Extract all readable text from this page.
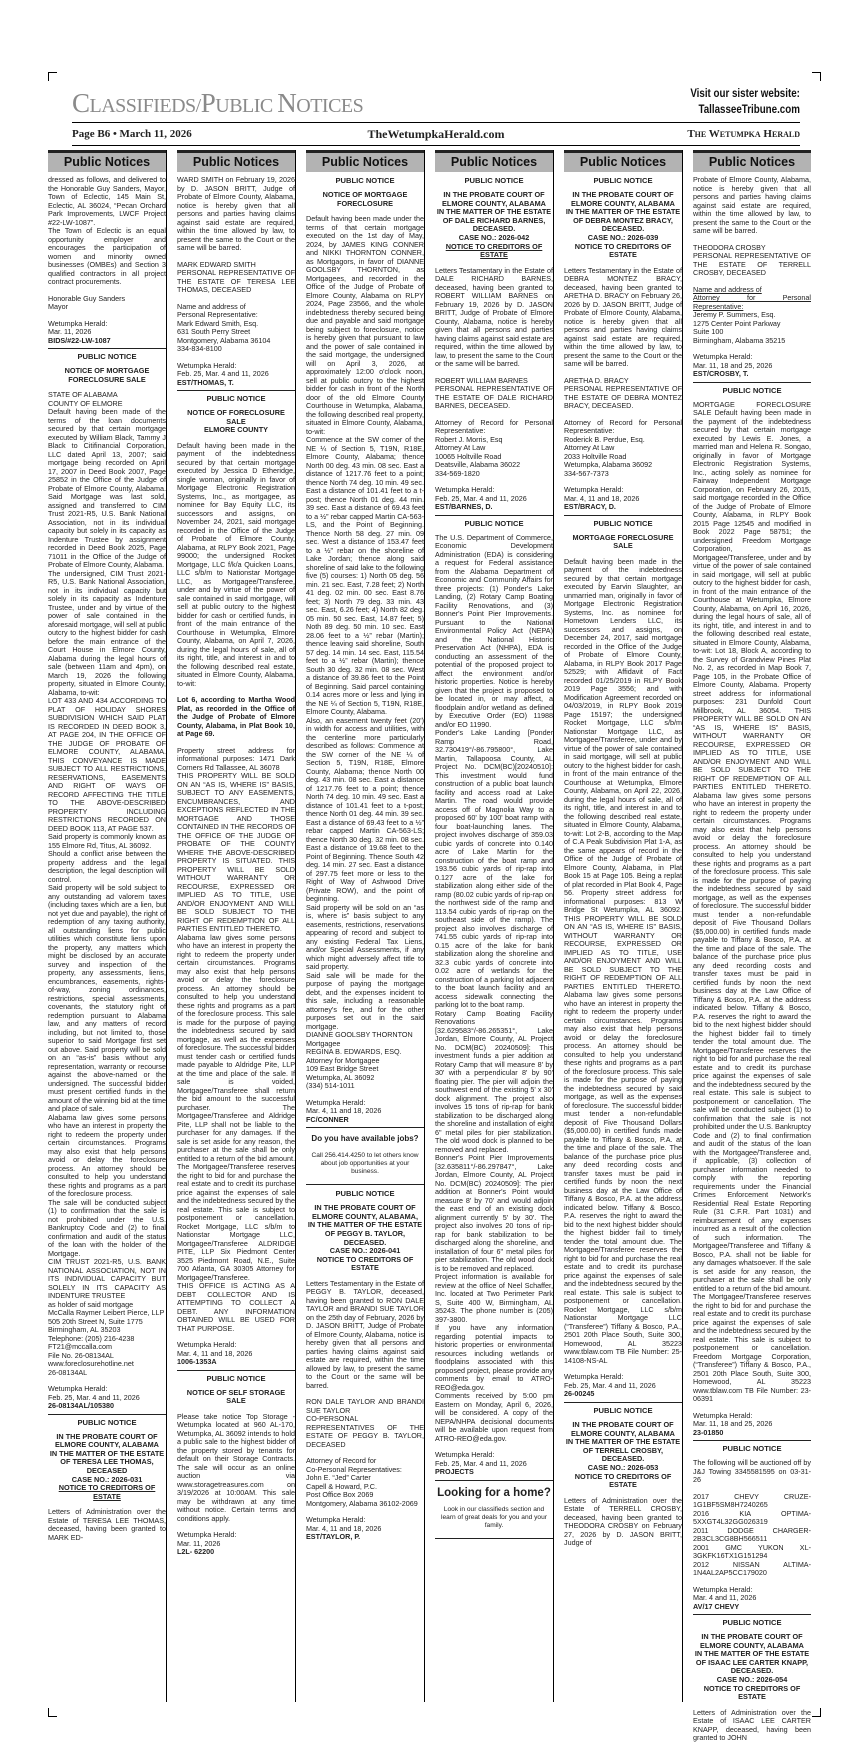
CLASSIFIEDS/PUBLIC NOTICES
Visit our sister website:
TallasseeTribune.com
Page B6 • March 11, 2026	TheWetumpkaHerald.com	The Wetumpka Herald
Public Notices
dressed as follows, and delivered to the Honorable Guy Sanders, Mayor, Town of Eclectic, 145 Main St, Eclectic, AL 36024, “Pecan Orchard Park Improvements, LWCF Project #22-LW-1087”.
The Town of Eclectic is an equal opportunity employer and encourages the participation of women and minority owned businesses (OMBEs) and Section 3 qualified contractors in all project contract procurements.
Honorable Guy Sanders
Mayor
Wetumpka Herald:
Mar. 11, 2026
BIDS/#22-LW-1087
PUBLIC NOTICE
NOTICE OF MORTGAGE FORECLOSURE SALE
STATE OF ALABAMA
COUNTY OF ELMORE
Default having been made of the terms of the loan documents secured by that certain mortgage executed by William Black, Tammy J Black to Citifinancial Corporation, LLC dated April 13, 2007; said mortgage being recorded on April 17, 2007 in Deed Book 2007, Page 25852 in the Office of the Judge of Probate of Elmore County, Alabama. Said Mortgage was last sold, assigned and transferred to CIM Trust 2021-R5, U.S. Bank National Association, not in its individual capacity but solely in its capacity as Indenture Trustee by assignment recorded in Deed Book 2025, Page 71011 in the Office of the Judge of Probate of Elmore County, Alabama.
The undersigned, CIM Trust 2021-R5, U.S. Bank National Association, not in its individual capacity but solely in its capacity as Indenture Trustee, under and by virtue of the power of sale contained in the aforesaid mortgage, will sell at public outcry to the highest bidder for cash before the main entrance of the Court House in Elmore County, Alabama during the legal hours of sale (between 11am and 4pm), on March 19, 2026 the following property, situated in Elmore County, Alabama, to-wit:
LOT 433 AND 434 ACCORDING TO PLAT OF HOLIDAY SHORES SUBDIVISION WHICH SAID PLAT IS RECORDED IN DEED BOOK 3, AT PAGE 204, IN THE OFFICE OF THE JUDGE OF PROBATE OF ELMORE COUNTY, ALABAMA. THIS CONVEYANCE IS MADE SUBJECT TO ALL RESTRICTIONS, RESERVATIONS, EASEMENTS AND RIGHT OF WAYS OF RECORD AFFECTING THE TITLE TO THE ABOVE-DESCRIBED PROPERTY INCLUDING RESTRICTIONS RECORDED ON DEED BOOK 113, AT PAGE 537.
Said property is commonly known as 155 Elmore Rd, Titus, AL 36092.
Should a conflict arise between the property address and the legal description, the legal description will control.
Said property will be sold subject to any outstanding ad valorem taxes (including taxes which are a lien, but not yet due and payable), the right of redemption of any taxing authority, all outstanding liens for public utilities which constitute liens upon the property, any matters which might be disclosed by an accurate survey and inspection of the property, any assessments, liens, encumbrances, easements, rights-of-way, zoning ordinances, restrictions, special assessments, covenants, the statutory right of redemption pursuant to Alabama law, and any matters of record including, but not limited to, those superior to said Mortgage first set out above. Said property will be sold on an “as-is” basis without any representation, warranty or recourse against the above-named or the undersigned. The successful bidder must present certified funds in the amount of the winning bid at the time and place of sale.
Alabama law gives some persons who have an interest in property the right to redeem the property under certain circumstances. Programs may also exist that help persons avoid or delay the foreclosure process. An attorney should be consulted to help you understand these rights and programs as a part of the foreclosure process.
The sale will be conducted subject (1) to confirmation that the sale is not prohibited under the U.S. Bankruptcy Code and (2) to final confirmation and audit of the status of the loan with the holder of the Mortgage.
CIM TRUST 2021-R5, U.S. BANK NATIONAL ASSOCIATION, NOT IN ITS INDIVIDUAL CAPACITY BUT SOLELY IN ITS CAPACITY AS INDENTURE TRUSTEE
as holder of said mortgage
McCalla Raymer Leibert Pierce, LLP
505 20th Street N, Suite 1775
Birmingham, AL 35203
Telephone: (205) 216-4238
FT21@mccalla.com
File No. 26-08134AL
www.foreclosurehotline.net
26-08134AL
Wetumpka Herald:
Feb. 25, Mar. 4 and 11, 2026
26-08134AL/105380
PUBLIC NOTICE
IN THE PROBATE COURT OF ELMORE COUNTY, ALABAMA
IN THE MATTER OF THE ESTATE OF TERESA LEE THOMAS, DECEASED
CASE NO.: 2026-031
NOTICE TO CREDITORS OF ESTATE
Letters of Administration over the Estate of TERESA LEE THOMAS, deceased, having been granted to MARK ED-
Public Notices
WARD SMITH on February 19, 2026 by D. JASON BRITT, Judge of Probate of Elmore County, Alabama, notice is hereby given that all persons and parties having claims against said estate are required, within the time allowed by law, to present the same to the Court or the same will be barred.
MARK EDWARD SMITH
PERSONAL REPRESENTATIVE OF THE ESTATE OF TERESA LEE THOMAS, DECEASED
Name and address of
Personal Representative:
Mark Edward Smith, Esq.
631 South Perry Street
Montgomery, Alabama 36104
334-834-8100
Wetumpka Herald:
Feb. 25, Mar. 4 and 11, 2026
EST/THOMAS, T.
PUBLIC NOTICE
NOTICE OF FORECLOSURE SALE
ELMORE COUNTY
Default having been made in the payment of the indebtedness secured by that certain mortgage executed by Jessica D Etheridge, single woman, originally in favor of Mortgage Electronic Registration Systems, Inc., as mortgagee, as nominee for Bay Equity LLC, its successors and assigns, on November 24, 2021, said mortgage recorded in the Office of the Judge of Probate of Elmore County, Alabama, at RLPY Book 2021, Page 99000; the undersigned Rocket Mortgage, LLC f/k/a Quicken Loans, LLC s/b/m to Nationstar Mortgage LLC, as Mortgagee/Transferee, under and by virtue of the power of sale contained in said mortgage, will sell at public outcry to the highest bidder for cash or certified funds, in front of the main entrance of the Courthouse in Wetumpka, Elmore County, Alabama, on April 7, 2026, during the legal hours of sale, all of its right, title, and interest in and to the following described real estate, situated in Elmore County, Alabama, to-wit:
Lot 6, according to Martha Wood Plat, as recorded in the Office of the Judge of Probate of Elmore County, Alabama, in Plat Book 10, at Page 69.
Property street address for informational purposes: 1471 Dark Corners Rd Tallassee, AL 36078
THIS PROPERTY WILL BE SOLD ON AN “AS IS, WHERE IS” BASIS, SUBJECT TO ANY EASEMENTS, ENCUMBRANCES, AND EXCEPTIONS REFLECTED IN THE MORTGAGE AND THOSE CONTAINED IN THE RECORDS OF THE OFFICE OF THE JUDGE OF PROBATE OF THE COUNTY WHERE THE ABOVE-DESCRIBED PROPERTY IS SITUATED. THIS PROPERTY WILL BE SOLD WITHOUT WARRANTY OR RECOURSE, EXPRESSED OR IMPLIED AS TO TITLE, USE AND/OR ENJOYMENT AND WILL BE SOLD SUBJECT TO THE RIGHT OF REDEMPTION OF ALL PARTIES ENTITLED THERETO.
Alabama law gives some persons who have an interest in property the right to redeem the property under certain circumstances. Programs may also exist that help persons avoid or delay the foreclosure process. An attorney should be consulted to help you understand these rights and programs as a part of the foreclosure process. This sale is made for the purpose of paying the indebtedness secured by said mortgage, as well as the expenses of foreclosure. The successful bidder must tender cash or certified funds made payable to Aldridge Pite, LLP at the time and place of the sale. If sale is voided, Mortgagee/Transferee shall return the bid amount to the successful purchaser. The Mortgagee/Transferee and Aldridge Pite, LLP shall not be liable to the purchaser for any damages. If the sale is set aside for any reason, the purchaser at the sale shall be only entitled to a return of the bid amount. The Mortgagee/Transferee reserves the right to bid for and purchase the real estate and to credit its purchase price against the expenses of sale and the indebtedness secured by the real estate. This sale is subject to postponement or cancellation. Rocket Mortgage, LLC s/b/m to Nationstar Mortgage LLC, Mortgagee/Transferee ALDRIDGE PITE, LLP Six Piedmont Center 3525 Piedmont Road, N.E., Suite 700 Atlanta, GA 30305 Attorney for Mortgagee/Transferee.
THIS OFFICE IS ACTING AS A DEBT COLLECTOR AND IS ATTEMPTING TO COLLECT A DEBT. ANY INFORMATION OBTAINED WILL BE USED FOR THAT PURPOSE.
Wetumpka Herald:
Mar. 4, 11 and 18, 2026
1006-1353A
PUBLIC NOTICE
NOTICE OF SELF STORAGE SALE
Please take notice Top Storage - Wetumpka located at 960 AL-170, Wetumpka, AL 36092 intends to hold a public sale to the highest bidder of the property stored by tenants for default on their Storage Contracts. The sale will occur as an online auction via www.storagetreasures.com on 3/19/2026 at 10:00AM. This sale may be withdrawn at any time without notice. Certain terms and conditions apply.
Wetumpka Herald:
Mar. 11, 2026
L2L- 62200
Public Notices
PUBLIC NOTICE
NOTICE OF MORTGAGE FORECLOSURE
Default having been made under the terms of that certain mortgage executed on the 1st day of May, 2024, by JAMES KING CONNER and NIKKI THORNTON CONNER, as Mortgagors, in favor of DIANNE GOOLSBY THORNTON, as Mortgagees, and recorded in the Office of the Judge of Probate of Elmore County, Alabama on RLPY 2024, Page 23566, and the whole indebtedness thereby secured being due and payable and said mortgage being subject to foreclosure, notice is hereby given that pursuant to law and the power of sale contained in the said mortgage, the undersigned will on April 3, 2026, at approximately 12:00 o'clock noon, sell at public outcry to the highest bidder for cash in front of the North door of the old Elmore County Courthouse in Wetumpka, Alabama, the following described real property, situated in Elmore County, Alabama, to-wit:
Commence at the SW corner of the NE ¼ of Section 5, T19N, R18E, Elmore County, Alabama; thence North 00 deg. 43 min. 08 sec. East a distance of 1217.76 feet to a point; thence North 74 deg. 10 min. 49 sec. East a distance of 101.41 feet to a t-post; thence North 01 deg. 44 min. 39 sec. East a distance of 69.43 feet to a ½” rebar capped Martin CA-563-LS, and the Point of Beginning. Thence North 58 deg. 27 min. 09 sec. West a distance of 153.47 feet to a ½” rebar on the shoreline of Lake Jordan; thence along said shoreline of said lake to the following five (5) courses: 1) North 05 deg. 56 min. 21 sec. East, 7.28 feet; 2) North 41 deg. 02 min. 00 sec. East 8.76 feet; 3) North 79 deg. 33 min. 43 sec. East, 6.26 feet; 4) North 82 deg. 05 min. 50 sec. East, 14.87 feet; 5) Noth 89 deg. 50 min. 10 sec. East 28.06 feet to a ½” rebar (Martin); thence leaving said shoreline, South 57 deg. 14 min. 14 sec. East, 115.54 feet to a ½” rebar (Martin); thence South 30 deg. 32 min. 08 sec. West a distance of 39.86 feet to the Point of Beginning. Said parcel containing 0.14 acres more or less and lying in the NE ¼ of Section 5, T19N, R18E, Elmore County, Alabama.
Also, an easement twenty feet (20') in width for access and utilities, with the centerline more particularly described as follows: Commence at the SW corner of the NE ¼ of Section 5, T19N, R18E, Elmore County, Alabama; thence North 00 deg. 43 min. 08 sec. East a distance of 1217.76 feet to a point; thence North 74 deg. 10 min. 49 sec. East a distance of 101.41 feet to a t-post; thence North 01 deg. 44 min. 39 sec. East a distance of 69.43 feet to a ½” rebar capped Martin CA-563-LS; thence North 30 deg. 32 min. 08 sec. East a distance of 19.68 feet to the Point of Beginning. Thence South 42 deg. 14 min. 27 sec. East a distance of 297.75 feet more or less to the Right of Way of Ashwood Drive (Private ROW), and the point of beginning.
Said property will be sold on an “as is, where is” basis subject to any easements, restrictions, reservations appearing of record and subject to any existing Federal Tax Liens, and/or Special Assessments, if any which might adversely affect title to said property.
Said sale will be made for the purpose of paying the mortgage debt, and the expenses incident to this sale, including a reasonable attorney's fee, and for the other purposes set out in the said mortgage.
DIANNE GOOLSBY THORNTON
Mortgagee
REGINA B. EDWARDS, ESQ.
Attorney for Mortgagee
109 East Bridge Street
Wetumpka, AL 36092
(334) 514-1011
Wetumpka Herald:
Mar. 4, 11 and 18, 2026
FC/CONNER
Do you have available jobs?
Call 256.414.4250 to let others know about job opportunities at your business.
PUBLIC NOTICE
IN THE PROBATE COURT OF ELMORE COUNTY, ALABAMA,
IN THE MATTER OF THE ESTATE OF PEGGY B. TAYLOR, DECEASED.
CASE NO.: 2026-041
NOTICE TO CREDITORS OF ESTATE
Letters Testamentary in the Estate of PEGGY B. TAYLOR, deceased, having been granted to RON DALE TAYLOR and BRANDI SUE TAYLOR on the 25th day of February, 2026 by D. JASON BRITT, Judge of Probate of Elmore County, Alabama, notice is hereby given that all persons and parties having claims against said estate are required, within the time allowed by law, to present the same to the Court or the same will be barred.
RON DALE TAYLOR AND BRANDI SUE TAYLOR
CO-PERSONAL REPRESENTATIVES OF THE ESTATE OF PEGGY B. TAYLOR, DECEASED
Attorney of Record for
Co-Personal Representatives:
John E. “Jed” Carter
Capell & Howard, P.C.
Post Office Box 2069
Montgomery, Alabama 36102-2069
Wetumpka Herald:
Mar. 4, 11 and 18, 2026
EST/TAYLOR, P.
Public Notices
PUBLIC NOTICE
IN THE PROBATE COURT OF ELMORE COUNTY, ALABAMA
IN THE MATTER OF THE ESTATE OF DALE RICHARD BARNES, DECEASED.
CASE NO.: 2026-042
NOTICE TO CREDITORS OF ESTATE
Letters Testamentary in the Estate of DALE RICHARD BARNES, deceased, having been granted to ROBERT WILLIAM BARNES on February 19, 2026 by D. JASON BRITT, Judge of Probate of Elmore County, Alabama, notice is hereby given that all persons and parties having claims against said estate are required, within the time allowed by law, to present the same to the Court or the same will be barred.
ROBERT WILLIAM BARNES
PERSONAL REPRESENTATIVE OF THE ESTATE OF DALE RICHARD BARNES, DECEASED.
Attorney of Record for Personal Representative:
Robert J. Morris, Esq
Attorney At Law
10065 Holtville Road
Deatsville, Alabama 36022
334-569-1820
Wetumpka Herald:
Feb. 25, Mar. 4 and 11, 2026
EST/BARNES, D.
PUBLIC NOTICE
The U.S. Department of Commerce, Economic Development Administration (EDA) is considering a request for Federal assistance from the Alabama Department of Economic and Community Affairs for three projects: (1) Ponder's Lake Landing, (2) Rotary Camp Boating Facility Renovations, and (3) Bonner's Point Pier Improvements. Pursuant to the National Environmental Policy Act (NEPA) and the National Historic Preservation Act (NHPA), EDA is conducting an assessment of the potential of the proposed project to affect the environment and/or historic properties. Notice is hereby given that the project is proposed to be located in, or may affect, a floodplain and/or wetland as defined by Executive Order (EO) 11988 and/or EO 11990.
Ponder's Lake Landing [Ponder Ramp Road, 32.730419°/-86.795800°, Lake Martin, Tallapoosa County, AL Project No. DCM(BC)[20240510]: This investment would fund construction of a public boat launch facility and access road at Lake Martin. The road would provide access off of Magnolia Way to a proposed 60' by 100' boat ramp with four boat-launching lanes. The project involves discharge of 359.03 cubic yards of concrete into 0.140 acre of Lake Martin for the construction of the boat ramp and 193.56 cubic yards of rip-rap into 0.127 acre of the lake for stabilization along either side of the ramp (80.02 cubic yards of rip-rap on the northwest side of the ramp and 113.54 cubic yards of rip-rap on the southeast side of the ramp). The project also involves discharge of 741.55 cubic yards of rip-rap into 0.15 acre of the lake for bank stabilization along the shoreline and 32.3 cubic yards of concrete into 0.02 acre of wetlands for the construction of a parking lot adjacent to the boat launch facility and an access sidewalk connecting the parking lot to the boat ramp.
Rotary Camp Boating Facility Renovations [32.629583°/-86.265351°, Lake Jordan, Elmore County, AL Project No. DCM(BC) 20240509]: This investment funds a pier addition at Rotary Camp that will measure 8' by 30' with a perpendicular 8' by 90' floating pier. The pier will adjoin the southwest end of the existing 5' x 30' dock alignment. The project also involves 15 tons of rip-rap for bank stabilization to be discharged along the shoreline and installation of eight 6" metal piles for pier stabilization. The old wood dock is planned to be removed and replaced.
Bonner's Point Pier Improvements [32.635811°/-86.297847°, Lake Jordan, Elmore County, AL Project No. DCM(BC) 20240509]: The pier addition at Bonner's Point would measure 8' by 70' and would adjoin the east end of an existing dock alignment currently 5' by 30'. The project also involves 20 tons of rip-rap for bank stabilization to be discharged along the shoreline, and installation of four 6" metal piles for pier stabilization. The old wood dock is to be removed and replaced.
Project information is available for review at the office of Neel Schaffer, Inc. located at Two Perimeter Park S, Suite 400 W, Birmingham, AL 35243. The phone number is (205) 397-3800.
If you have any information regarding potential impacts to historic properties or environmental resources including wetlands or floodplains associated with this proposed project, please provide any comments by email to ATRO-REO@eda.gov.
Comments received by 5:00 pm Eastern on Monday, April 6, 2026, will be considered. A copy of the NEPA/NHPA decisional documents will be available upon request from ATRO-REO@eda.gov.
Wetumpka Herald:
Feb. 25, Mar. 4 and 11, 2026
PROJECTS
Looking for a home?
Look in our classifieds section and learn of great deals for you and your family.
Public Notices
PUBLIC NOTICE
IN THE PROBATE COURT OF ELMORE COUNTY, ALABAMA
IN THE MATTER OF THE ESTATE OF DEBRA MONTEZ BRACY, DECEASED.
CASE NO.: 2026-039
NOTICE TO CREDITORS OF ESTATE
Letters Testamentary in the Estate of DEBRA MONTEZ BRACY, deceased, having been granted to ARETHA D. BRACY on February 26, 2026 by D. JASON BRITT, Judge of Probate of Elmore County, Alabama, notice is hereby given that all persons and parties having claims against said estate are required, within the time allowed by law, to present the same to the Court or the same will be barred.
ARETHA D. BRACY
PERSONAL REPRESENTATIVE OF THE ESTATE OF DEBRA MONTEZ BRACY, DECEASED.
Attorney of Record for Personal Representative:
Roderick B. Perdue, Esq.
Attorney At Law
2033 Holtville Road
Wetumpka, Alabama 36092
334-567-7373
Wetumpka Herald:
Mar. 4, 11 and 18, 2026
EST/BRACY, D.
PUBLIC NOTICE
MORTGAGE FORECLOSURE SALE
Default having been made in the payment of the indebtedness secured by that certain mortgage executed by Earvin Slaughter, an unmarried man, originally in favor of Mortgage Electronic Registration Systems, Inc. as nominee for Hometown Lenders LLC, its successors and assigns, on December 24, 2017, said mortgage recorded in the Office of the Judge of Probate of Elmore County, Alabama, in RLPY Book 2017 Page 52529; with Affidavit of Fact recorded 01/25/2019 in RLPY Book 2019 Page 3556; and with Modification Agreement recorded on 04/03/2019, in RLPY Book 2019 Page 15197; the undersigned Rocket Mortgage, LLC s/b/m Nationstar Mortgage LLC, as Mortgagee/Transferee, under and by virtue of the power of sale contained in said mortgage, will sell at public outcry to the highest bidder for cash, in front of the main entrance of the Courthouse at Wetumpka, Elmore County, Alabama, on April 22, 2026, during the legal hours of sale, all of its right, title, and interest in and to the following described real estate, situated in Elmore County, Alabama, to-wit: Lot 2-B, according to the Map of C.A Peak Subdivision Plat 1-A, as the same appears of record in the Office of the Judge of Probate of Elmore County, Alabama, in Plat Book 15 at Page 105. Being a replat of plat recorded in Plat Book 4, Page 56. Property street address for informational purposes: 813 W Bridge St Wetumpka, AL 36092. THIS PROPERTY WILL BE SOLD ON AN “AS IS, WHERE IS” BASIS, WITHOUT WARRANTY OR RECOURSE, EXPRESSED OR IMPLIED AS TO TITLE, USE AND/OR ENJOYMENT AND WILL BE SOLD SUBJECT TO THE RIGHT OF REDEMPTION OF ALL PARTIES ENTITLED THERETO. Alabama law gives some persons who have an interest in property the right to redeem the property under certain circumstances. Programs may also exist that help persons avoid or delay the foreclosure process. An attorney should be consulted to help you understand these rights and programs as a part of the foreclosure process. This sale is made for the purpose of paying the indebtedness secured by said mortgage, as well as the expenses of foreclosure. The successful bidder must tender a non-refundable deposit of Five Thousand Dollars ($5,000.00) in certified funds made payable to Tiffany & Bosco, P.A. at the time and place of the sale. The balance of the purchase price plus any deed recording costs and transfer taxes must be paid in certified funds by noon the next business day at the Law Office of Tiffany & Bosco, P.A. at the address indicated below. Tiffany & Bosco, P.A. reserves the right to award the bid to the next highest bidder should the highest bidder fail to timely tender the total amount due. The Mortgagee/Transferee reserves the right to bid for and purchase the real estate and to credit its purchase price against the expenses of sale and the indebtedness secured by the real estate. This sale is subject to postponement or cancellation. Rocket Mortgage, LLC s/b/m Nationstar Mortgage LLC (“Transferee”) Tiffany & Bosco, P.A., 2501 20th Place South, Suite 300, Homewood, AL 35223 www.tblaw.com TB File Number: 25-14108-NS-AL
Wetumpka Herald:
Feb. 25, Mar. 4 and 11, 2026
26-00245
PUBLIC NOTICE
IN THE PROBATE COURT OF ELMORE COUNTY, ALABAMA
IN THE MATTER OF THE ESTATE OF TERRELL CROSBY, DECEASED.
CASE NO.: 2026-053
NOTICE TO CREDITORS OF ESTATE
Letters of Administration over the Estate of TERRELL CROSBY, deceased, having been granted to THEODORA CROSBY on February 27, 2026 by D. JASON BRITT, Judge of
Public Notices
Probate of Elmore County, Alabama, notice is hereby given that all persons and parties having claims against said estate are required, within the time allowed by law, to present the same to the Court or the same will be barred.
THEODORA CROSBY
PERSONAL REPRESENTATIVE OF THE ESTATE OF TERRELL CROSBY, DECEASED
Name and address of
Attorney for Personal Representative:
Jeremy P. Summers, Esq.
1275 Center Point Parkway
Suite 100
Birmingham, Alabama 35215
Wetumpka Herald:
Mar. 11, 18 and 25, 2026
EST/CROSBY, T.
PUBLIC NOTICE
MORTGAGE FORECLOSURE SALE Default having been made in the payment of the indebtedness secured by that certain mortgage executed by Lewis E. Jones, a married man and Helena R. Songao, originally in favor of Mortgage Electronic Registration Systems, Inc., acting solely as nominee for Fairway Independent Mortgage Corporation, on February 26, 2015, said mortgage recorded in the Office of the Judge of Probate of Elmore County, Alabama, in RLPY Book 2015 Page 12545 and modified in Book 2022 Page 58751; the undersigned Freedom Mortgage Corporation, as Mortgagee/Transferee, under and by virtue of the power of sale contained in said mortgage, will sell at public outcry to the highest bidder for cash, in front of the main entrance of the Courthouse at Wetumpka, Elmore County, Alabama, on April 16, 2026, during the legal hours of sale, all of its right, title, and interest in and to the following described real estate, situated in Elmore County, Alabama, to-wit: Lot 18, Block A, according to the Survey of Grandview Pines Plat No. 2, as recorded in Map Book 7, Page 105, in the Probate Office of Elmore County, Alabama. Property street address for informational purposes: 231 Dunfold Court Millbrook, AL 36054. THIS PROPERTY WILL BE SOLD ON AN “AS IS, WHERE IS” BASIS, WITHOUT WARRANTY OR RECOURSE, EXPRESSED OR IMPLIED AS TO TITLE, USE AND/OR ENJOYMENT AND WILL BE SOLD SUBJECT TO THE RIGHT OF REDEMPTION OF ALL PARTIES ENTITLED THERETO. Alabama law gives some persons who have an interest in property the right to redeem the property under certain circumstances. Programs may also exist that help persons avoid or delay the foreclosure process. An attorney should be consulted to help you understand these rights and programs as a part of the foreclosure process. This sale is made for the purpose of paying the indebtedness secured by said mortgage, as well as the expenses of foreclosure. The successful bidder must tender a non-refundable deposit of Five Thousand Dollars ($5,000.00) in certified funds made payable to Tiffany & Bosco, P.A. at the time and place of the sale. The balance of the purchase price plus any deed recording costs and transfer taxes must be paid in certified funds by noon the next business day at the Law Office of Tiffany & Bosco, P.A. at the address indicated below. Tiffany & Bosco, P.A. reserves the right to award the bid to the next highest bidder should the highest bidder fail to timely tender the total amount due. The Mortgagee/Transferee reserves the right to bid for and purchase the real estate and to credit its purchase price against the expenses of sale and the indebtedness secured by the real estate. This sale is subject to postponement or cancellation. The sale will be conducted subject (1) to confirmation that the sale is not prohibited under the U.S. Bankruptcy Code and (2) to final confirmation and audit of the status of the loan with the Mortgagee/Transferee and, if applicable, (3) collection of purchaser information needed to comply with the reporting requirements under the Financial Crimes Enforcement Network's Residential Real Estate Reporting Rule (31 C.F.R. Part 1031) and reimbursement of any expenses incurred as a result of the collection of such information. The Mortgagee/Transferee and Tiffany & Bosco, P.A. shall not be liable for any damages whatsoever. If the sale is set aside for any reason, the purchaser at the sale shall be only entitled to a return of the bid amount. The Mortgagee/Transferee reserves the right to bid for and purchase the real estate and to credit its purchase price against the expenses of sale and the indebtedness secured by the real estate. This sale is subject to postponement or cancellation. Freedom Mortgage Corporation, (“Transferee”) Tiffany & Bosco, P.A., 2501 20th Place South, Suite 300, Homewood, AL 35223 www.tblaw.com TB File Number: 23-06391
Wetumpka Herald:
Mar. 11, 18 and 25, 2026
23-01850
PUBLIC NOTICE
The following will be auctioned off by J&J Towing 3345581595 on 03-31-26
2017 CHEVY CRUZE-1G1BF5SM8H7240265
2016 KIA OPTIMA-5XXGT4L32GG026319
2011 DODGE CHARGER-2B3CL3CG8BH566511
2001 GMC YUKON XL-3GKFK16TX1G151294
2012 NISSAN ALTIMA-1N4AL2AP5CC179020
Wetumpka Herald:
Mar. 4 and 11, 2026
AV/17 CHEVY
PUBLIC NOTICE
IN THE PROBATE COURT OF ELMORE COUNTY, ALABAMA
IN THE MATTER OF THE ESTATE OF ISAAC LEE CARTER KNAPP, DECEASED.
CASE NO.: 2026-054
NOTICE TO CREDITORS OF ESTATE
Letters of Administration over the Estate of ISAAC LEE CARTER KNAPP, deceased, having been granted to JOHN
